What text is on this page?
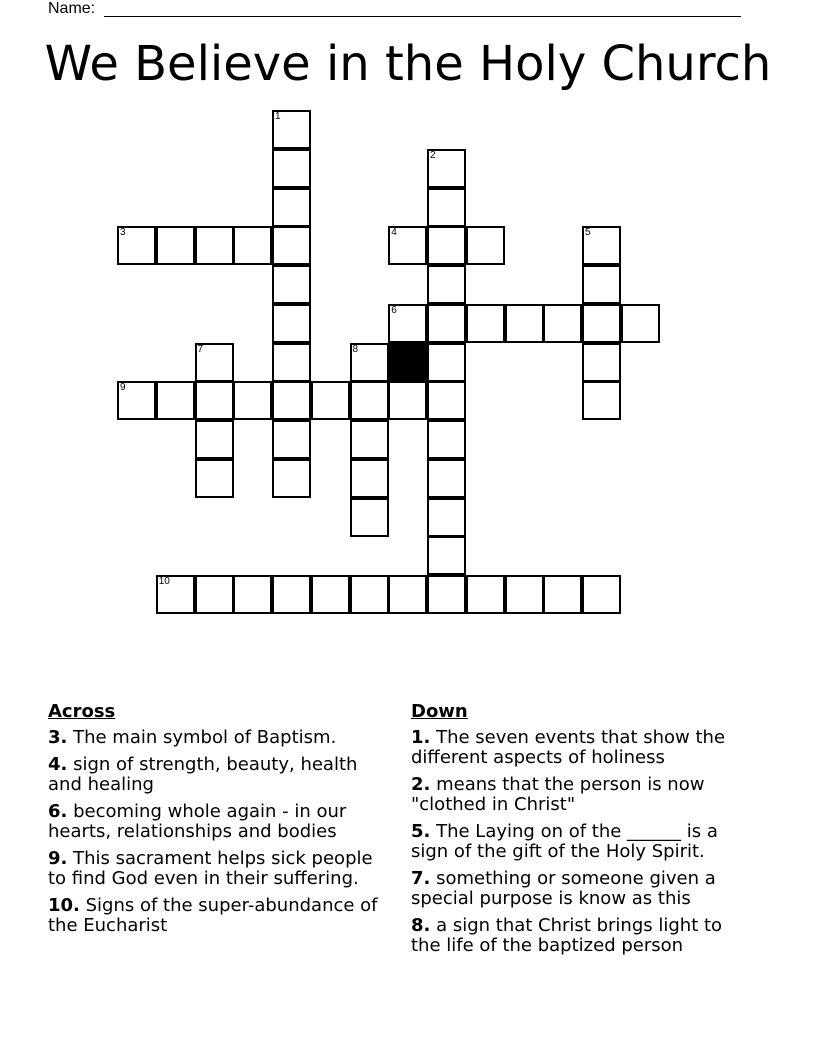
Name:
We Believe in the Holy Church
1
2
3	4	5
6
7	8
9
10
Across
3. The main symbol of Baptism.
4. sign of strength, beauty, health and healing
6. becoming whole again - in our hearts, relationships and bodies
9. This sacrament helps sick people to find God even in their suffering.
10. Signs of the super-abundance of the Eucharist
Down
1. The seven events that show the different aspects of holiness
2. means that the person is now "clothed in Christ"
5. The Laying on of the ______ is a sign of the gift of the Holy Spirit.
7. something or someone given a special purpose is know as this
8. a sign that Christ brings light to the life of the baptized person
